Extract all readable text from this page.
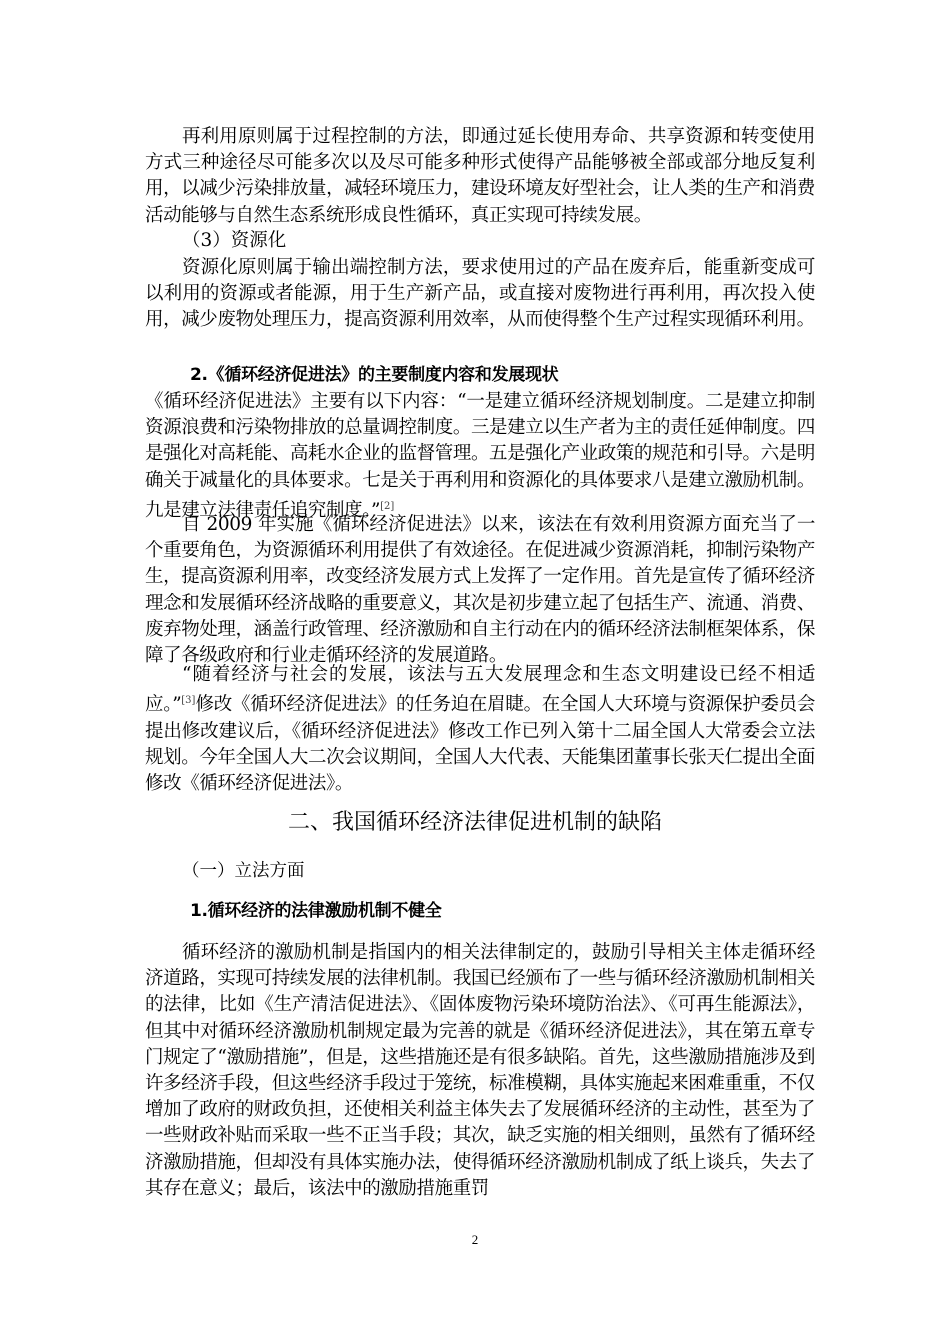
再利用原则属于过程控制的方法，即通过延长使用寿命、共享资源和转变使用方式三种途径尽可能多次以及尽可能多种形式使得产品能够被全部或部分地反复利用，以减少污染排放量，减轻环境压力，建设环境友好型社会，让人类的生产和消费活动能够与自然生态系统形成良性循环，真正实现可持续发展。
（3）资源化
资源化原则属于输出端控制方法，要求使用过的产品在废弃后，能重新变成可以利用的资源或者能源，用于生产新产品，或直接对废物进行再利用，再次投入使用，减少废物处理压力，提高资源利用效率，从而使得整个生产过程实现循环利用。
2.《循环经济促进法》的主要制度内容和发展现状
《循环经济促进法》主要有以下内容：“一是建立循环经济规划制度。二是建立抑制资源浪费和污染物排放的总量调控制度。三是建立以生产者为主的责任延伸制度。四是强化对高耗能、高耗水企业的监督管理。五是强化产业政策的规范和引导。六是明确关于减量化的具体要求。七是关于再利用和资源化的具体要求八是建立激励机制。九是建立法律责任追究制度。”[2]
自 2009 年实施《循环经济促进法》以来，该法在有效利用资源方面充当了一个重要角色，为资源循环利用提供了有效途径。在促进减少资源消耗，抑制污染物产生，提高资源利用率，改变经济发展方式上发挥了一定作用。首先是宣传了循环经济理念和发展循环经济战略的重要意义，其次是初步建立起了包括生产、流通、消费、废弃物处理，涵盖行政管理、经济激励和自主行动在内的循环经济法制框架体系，保障了各级政府和行业走循环经济的发展道路。
“随着经济与社会的发展，该法与五大发展理念和生态文明建设已经不相适应。”[3]修改《循环经济促进法》的任务迫在眉睫。在全国人大环境与资源保护委员会提出修改建议后，《循环经济促进法》修改工作已列入第十二届全国人大常委会立法规划。今年全国人大二次会议期间，全国人大代表、天能集团董事长张天仁提出全面修改《循环经济促进法》。
二、我国循环经济法律促进机制的缺陷
（一）立法方面
1.循环经济的法律激励机制不健全
循环经济的激励机制是指国内的相关法律制定的，鼓励引导相关主体走循环经济道路，实现可持续发展的法律机制。我国已经颁布了一些与循环经济激励机制相关的法律，比如《生产清洁促进法》、《固体废物污染环境防治法》、《可再生能源法》，但其中对循环经济激励机制规定最为完善的就是《循环经济促进法》，其在第五章专门规定了“激励措施”，但是，这些措施还是有很多缺陷。首先，这些激励措施涉及到许多经济手段，但这些经济手段过于笼统，标准模糊，具体实施起来困难重重，不仅增加了政府的财政负担，还使相关利益主体失去了发展循环经济的主动性，甚至为了一些财政补贴而采取一些不正当手段；其次，缺乏实施的相关细则，虽然有了循环经济激励措施，但却没有具体实施办法，使得循环经济激励机制成了纸上谈兵，失去了其存在意义；最后，该法中的激励措施重罚
2
